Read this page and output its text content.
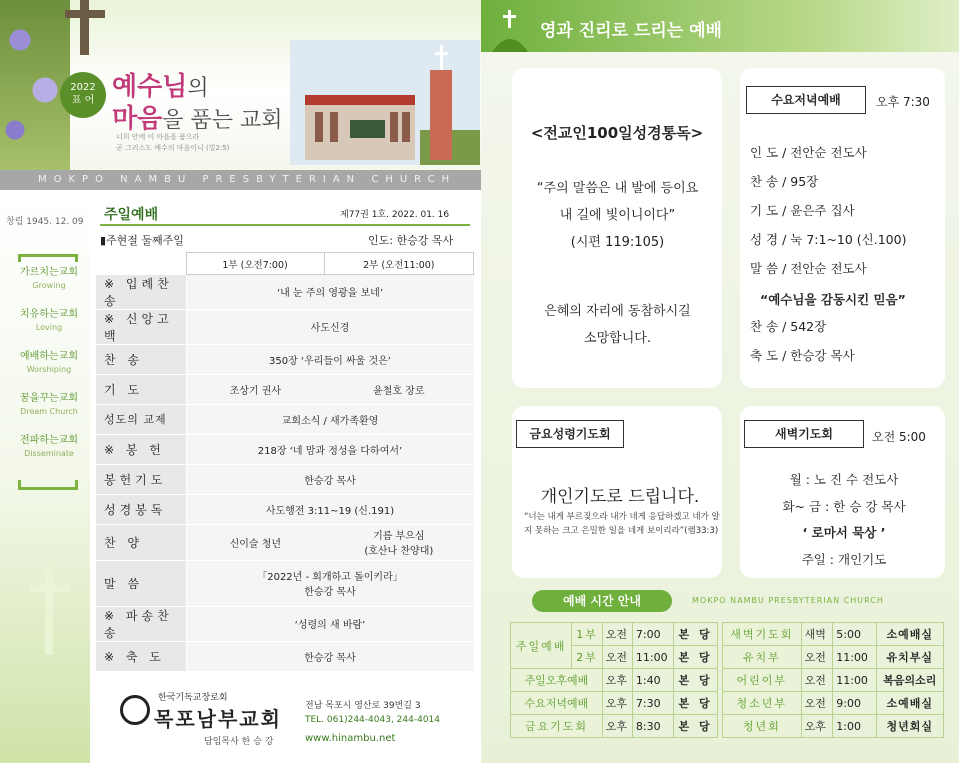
2022
표 어 예수님의
마음을 품는 교회
너희 안에 이 마음을 품으라
곧 그리스도 예수의 마음이니 (빌2:5)
MOKPO NAMBU PRESBYTERIAN CHURCH
창립 1945. 12. 09
가르치는교회
Growing
치유하는교회
Loving
예배하는교회
Worshiping
꿈을꾸는교회
Dream Church
전파하는교회
Disseminate
주일예배	제77권 1호. 2022. 01. 16
▮주현절 둘째주일	인도: 한승강 목사
	1부 (오전7:00)	2부 (오전11:00)
※ 입례찬송	‘내 눈 주의 영광을 보네’	
※ 신앙고백	사도신경	
찬 송	350장 ‘우리들이 싸울 것은’	
기 도	조상기 권사	윤철호 장로
성도의 교제	교회소식 / 새가족환영	
※ 봉 헌	218장 ‘네 맘과 정성을 다하여서’	
봉헌기도	한승강 목사	
성경봉독	사도행전 3:11~19 (신.191)	
찬 양	신이슬 청년	기름 부으심
(호산나 찬양대)

말 씀	「2022년 - 회개하고 돌이키라」
한승강 목사	

※ 파송찬송	‘성령의 새 바람’	
※ 축 도	한승강 목사	
한국기독교장로회
목포남부교회
담임목사 한 승 강
전남 목포시 영산로 39번길 3
TEL. 061)244-4043, 244-4014
www.hinambu.net
영과 진리로 드리는 예배
<전교인100일성경통독>
“주의 말씀은 내 발에 등이요
내 길에 빛이니이다”
(시편 119:105)
은혜의 자리에 동참하시길
소망합니다.
수요저녁예배	오후 7:30
인 도 / 전안순 전도사
찬 송 / 95장
기 도 / 윤은주 집사
성 경 / 눅 7:1~10 (신.100)
말 씀 / 전안순 전도사
“예수님을 감동시킨 믿음”
찬 송 / 542장
축 도 / 한승강 목사
금요성령기도회
개인기도로 드립니다.
“너는 내게 부르짖으라 내가 네게 응답하겠고 네가 알지 못하는 크고 은밀한 일을 네게 보이리라”(렘33:3)
새벽기도회	오전 5:00
월 : 노 진 수 전도사
화~ 금 : 한 승 강 목사
‘ 로마서 묵상 ’
주일 : 개인기도
예배 시간 안내	MOKPO NAMBU PRESBYTERIAN CHURCH
주일예배	1부	오전	7:00	본 당
	2부	오전	11:00	본 당
주일오후예배		오후	1:40	본 당
수요저녁예배		오후	7:30	본 당
금요기도회		오후	8:30	본 당
새벽기도회	새벽	5:00	소예배실
유치부	오전	11:00	유치부실
어린이부	오전	11:00	복음의소리
청소년부	오전	9:00	소예배실
청년회	오후	1:00	청년회실
